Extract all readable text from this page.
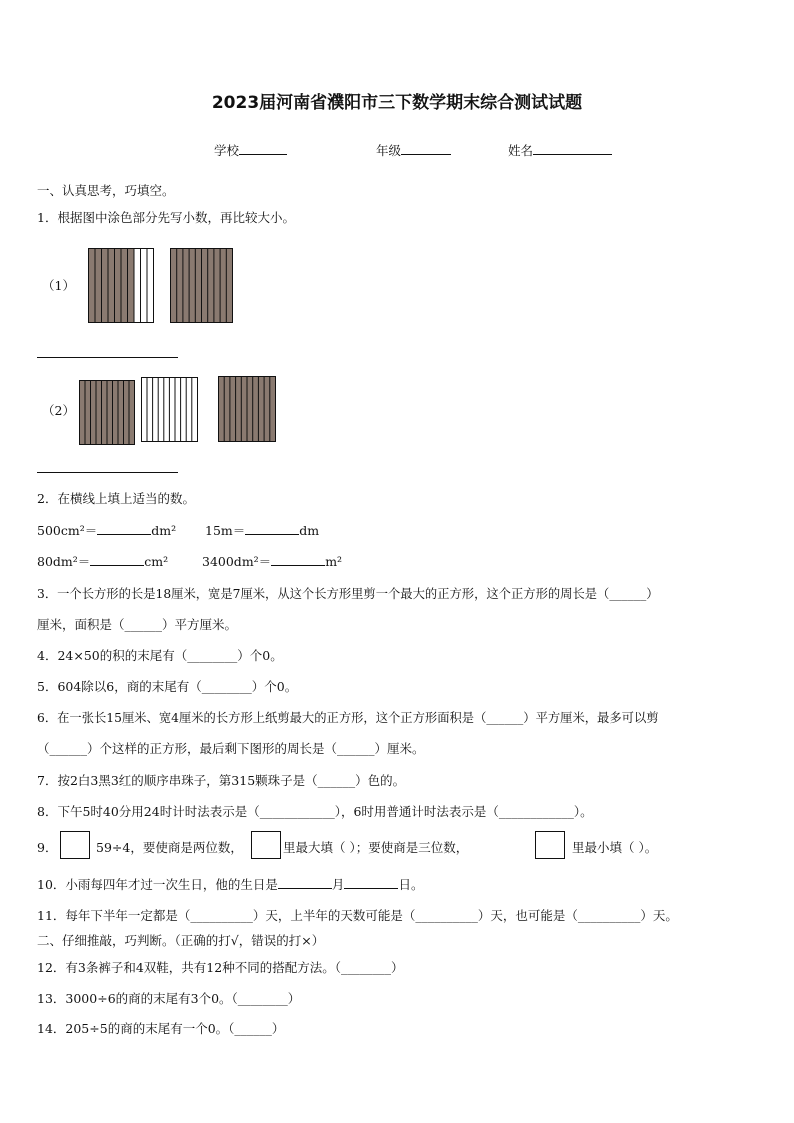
2023届河南省濮阳市三下数学期末综合测试试题
学校	年级	姓名
一、认真思考，巧填空。
1．根据图中涂色部分先写小数，再比较大小。
（1）
（2）
2．在横线上填上适当的数。
500cm²＝	dm² 15m＝	dm
80dm²＝	cm²	3400dm²＝	m²
3．一个长方形的长是18厘米，宽是7厘米，从这个长方形里剪一个最大的正方形，这个正方形的周长是（______）
厘米，面积是（______）平方厘米。
4．24×50的积的末尾有（________）个0。
5．604除以6，商的末尾有（________）个0。
6．在一张长15厘米、宽4厘米的长方形上纸剪最大的正方形，这个正方形面积是（______）平方厘米，最多可以剪
（______）个这样的正方形，最后剩下图形的周长是（______）厘米。
7．按2白3黑3红的顺序串珠子，第315颗珠子是（______）色的。
8．下午5时40分用24时计时法表示是（____________），6时用普通计时法表示是（____________）。
9．	59÷4，要使商是两位数，	里最大填（ ）；要使商是三位数，	里最小填（ ）。
10．小雨每四年才过一次生日，他的生日是	月	日。
11．每年下半年一定都是（__________）天，上半年的天数可能是（__________）天，也可能是（__________）天。
二、仔细推敲，巧判断。（正确的打√，错误的打×）
12．有3条裤子和4双鞋，共有12种不同的搭配方法。（________）
13．3000÷6的商的末尾有3个0。（________）
14．205÷5的商的末尾有一个0。（______）
